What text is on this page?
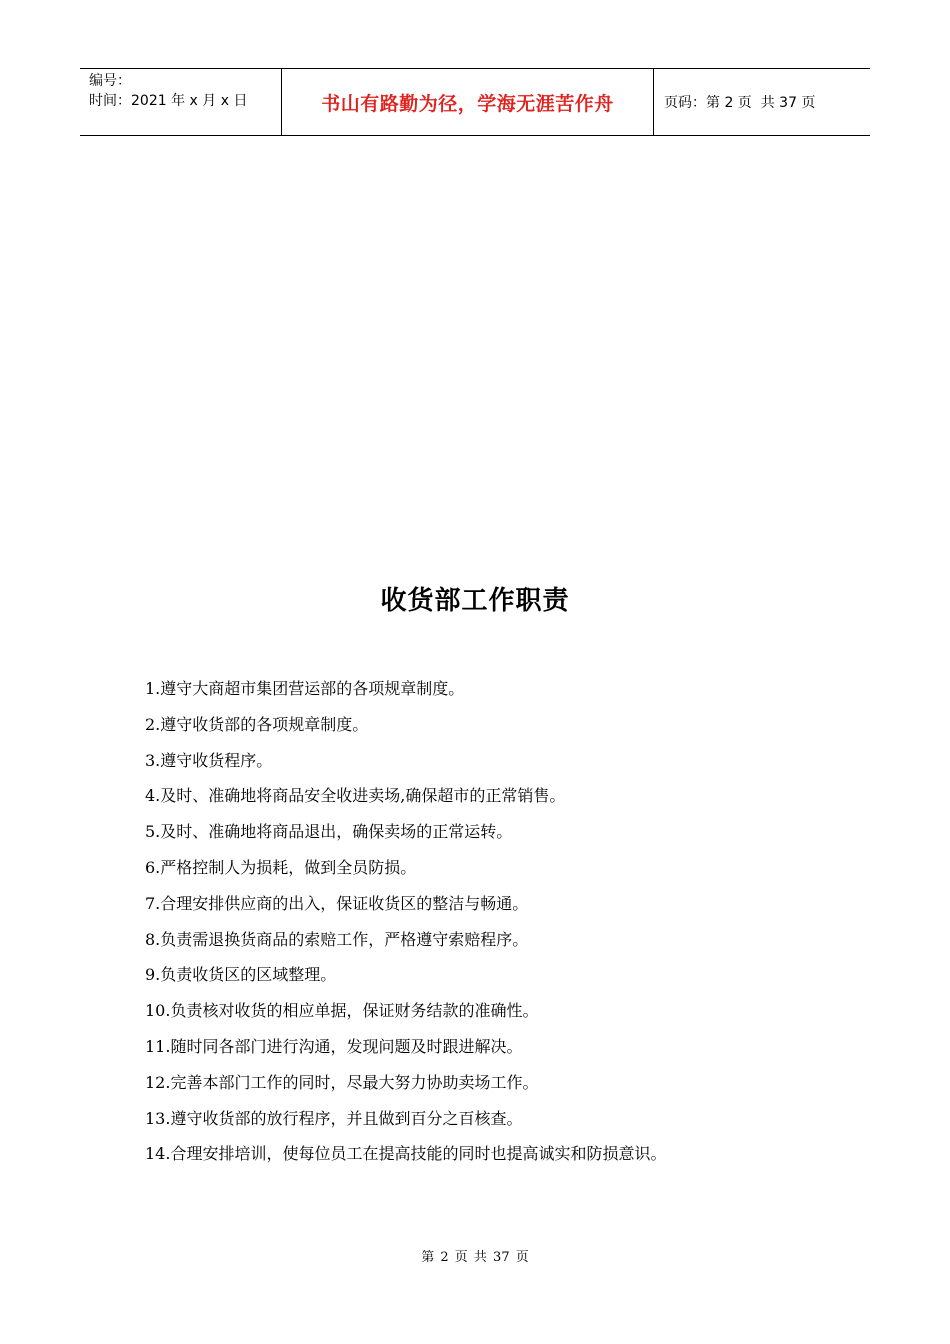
编号：
时间：2021 年 x 月 x 日	书山有路勤为径，学海无涯苦作舟	页码：第 2 页  共 37 页
收货部工作职责
1.遵守大商超市集团营运部的各项规章制度。
2.遵守收货部的各项规章制度。
3.遵守收货程序。
4.及时、准确地将商品安全收进卖场,确保超市的正常销售。
5.及时、准确地将商品退出，确保卖场的正常运转。
6.严格控制人为损耗，做到全员防损。
7.合理安排供应商的出入，保证收货区的整洁与畅通。
8.负责需退换货商品的索赔工作，严格遵守索赔程序。
9.负责收货区的区域整理。
10.负责核对收货的相应单据，保证财务结款的准确性。
11.随时同各部门进行沟通，发现问题及时跟进解决。
12.完善本部门工作的同时，尽最大努力协助卖场工作。
13.遵守收货部的放行程序，并且做到百分之百核查。
14.合理安排培训，使每位员工在提高技能的同时也提高诚实和防损意识。
第 2 页 共 37 页
